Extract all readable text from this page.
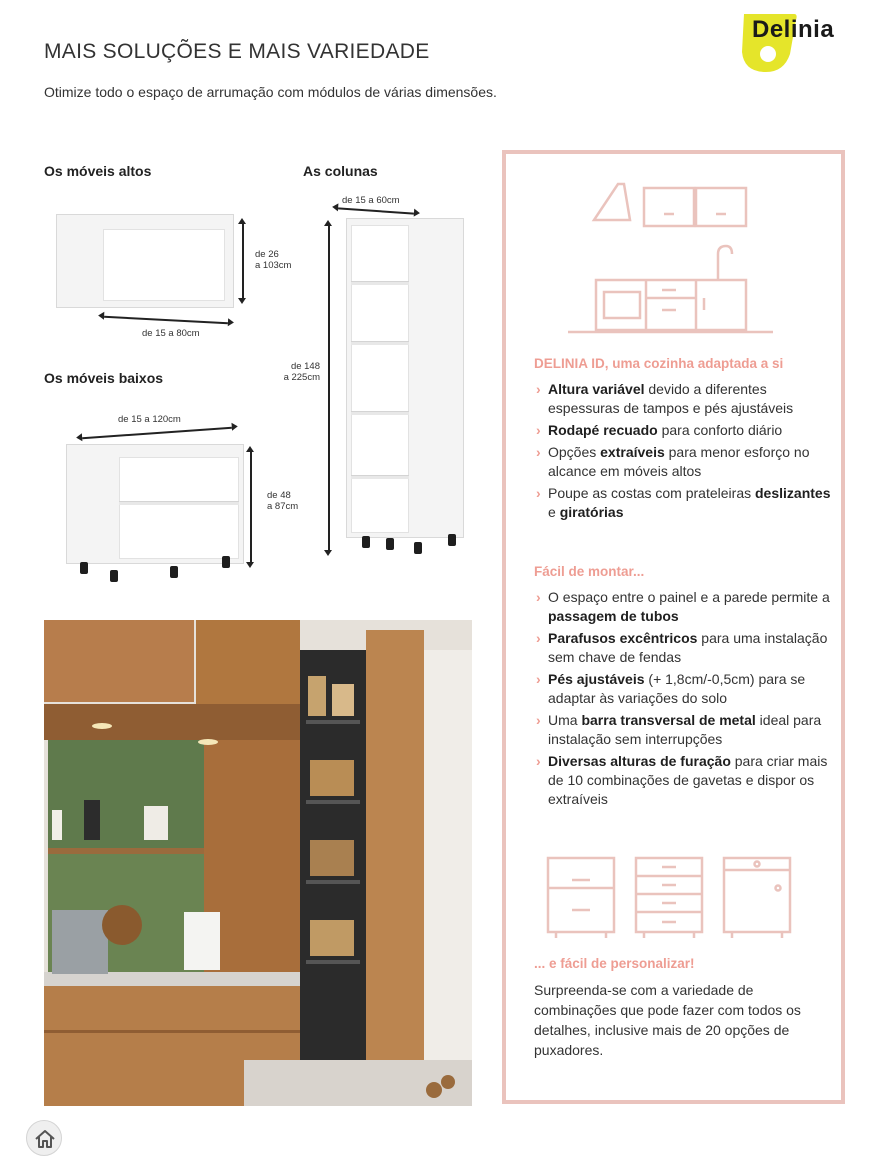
MAIS SOLUÇÕES E MAIS VARIEDADE

Otimize todo o espaço de arrumação com módulos de várias dimensões.

Delinia
Os móveis altos
de 26
a 103cm
de 15 a 80cm
Os móveis baixos
de 15 a 120cm
de 48
a 87cm
As colunas
de 15 a 60cm
de 148
a 225cm
DELINIA ID, uma cozinha adaptada a si
› Altura variável devido a diferentes espessuras de tampos e pés ajustáveis
› Rodapé recuado para conforto diário
› Opções extraíveis para menor esforço no alcance em móveis altos
› Poupe as costas com prateleiras deslizantes e giratórias
Fácil de montar...
› O espaço entre o painel e a parede permite a passagem de tubos
› Parafusos excêntricos para uma instalação sem chave de fendas
› Pés ajustáveis (+ 1,8cm/-0,5cm) para se adaptar às variações do solo
› Uma barra transversal de metal ideal para instalação sem interrupções
› Diversas alturas de furação para criar mais de 10 combinações de gavetas e dispor os extraíveis
... e fácil de personalizar!

Surpreenda-se com a variedade de combinações que pode fazer com todos os detalhes, inclusive mais de 20 opções de puxadores.
